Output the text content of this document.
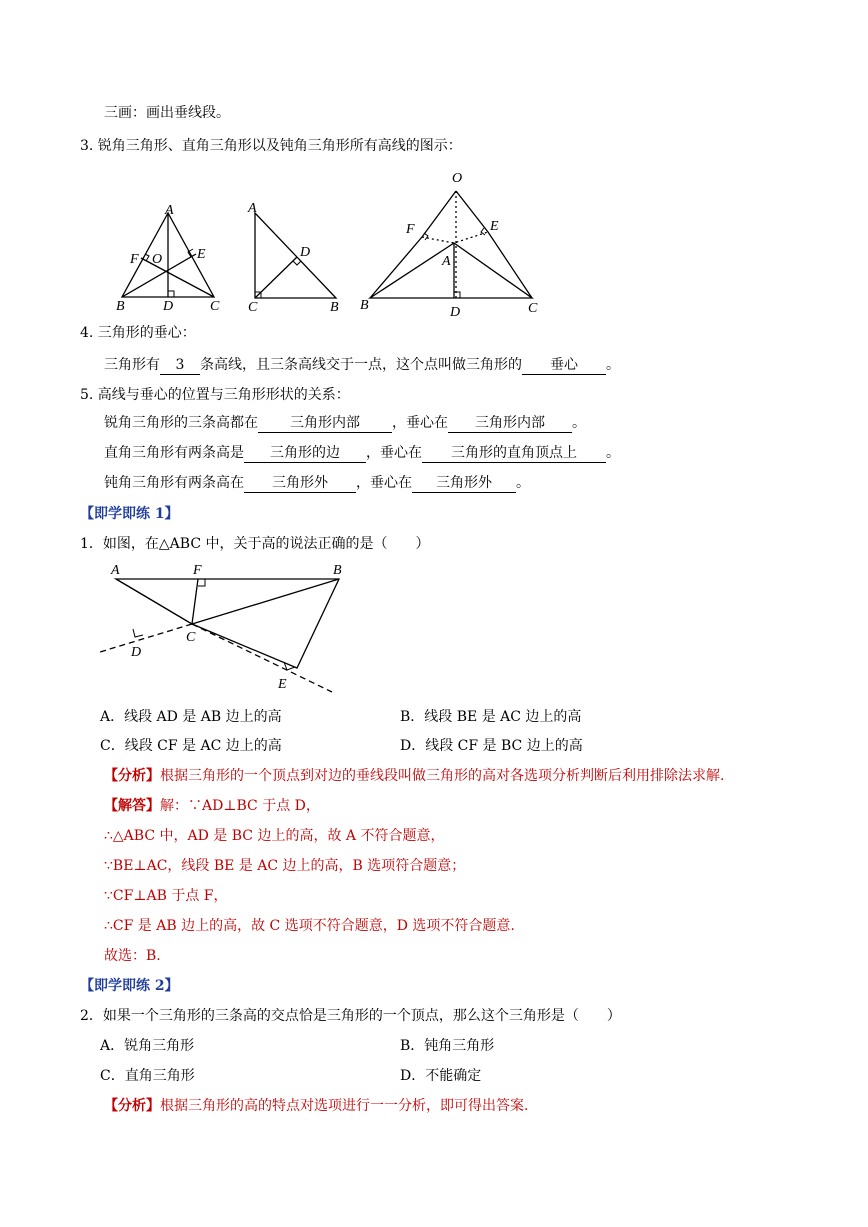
三画：画出垂线段。
3. 锐角三角形、直角三角形以及钝角三角形所有高线的图示：
A
F O E
B	D	C
A
D
C	B
O
F	E
A
B	D	C
4. 三角形的垂心：
三角形有 3 条高线，且三条高线交于一点，这个点叫做三角形的 垂心 。
5. 高线与垂心的位置与三角形形状的关系：
锐角三角形的三条高都在 三角形内部 ，垂心在 三角形内部 。
直角三角形有两条高是 三角形的边 ，垂心在 三角形的直角顶点上 。
钝角三角形有两条高在 三角形外 ，垂心在 三角形外 。
【即学即练 1】
1．如图，在△ABC 中，关于高的说法正确的是（　　）
A	F	B
C
D
E
A．线段 AD 是 AB 边上的高	B．线段 BE 是 AC 边上的高
C．线段 CF 是 AC 边上的高	D．线段 CF 是 BC 边上的高
【分析】根据三角形的一个顶点到对边的垂线段叫做三角形的高对各选项分析判断后利用排除法求解.
【解答】解：∵AD⊥BC 于点 D，
∴△ABC 中，AD 是 BC 边上的高，故 A 不符合题意，
∵BE⊥AC，线段 BE 是 AC 边上的高，B 选项符合题意；
∵CF⊥AB 于点 F，
∴CF 是 AB 边上的高，故 C 选项不符合题意，D 选项不符合题意.
故选：B.
【即学即练 2】
2．如果一个三角形的三条高的交点恰是三角形的一个顶点，那么这个三角形是（　　）
A．锐角三角形	B．钝角三角形
C．直角三角形	D．不能确定
【分析】根据三角形的高的特点对选项进行一一分析，即可得出答案.
